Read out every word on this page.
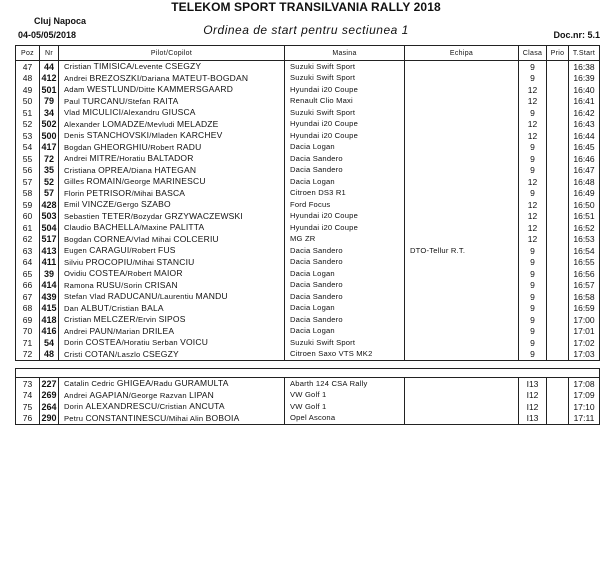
TELEKOM SPORT TRANSILVANIA RALLY 2018
Cluj Napoca
04-05/05/2018	Ordinea de start pentru sectiunea 1	Doc.nr: 5.1
Poz	Nr	Pilot/Copilot	Masina	Echipa	Clasa	Prio	T.Start
47	44	Cristian TIMISICA/Levente CSEGZY	Suzuki Swift Sport		9		16:38
48	412	Andrei BREZOSZKI/Dariana MATEUT-BOGDAN	Suzuki Swift Sport		9		16:39
49	501	Adam WESTLUND/Ditte KAMMERSGAARD	Hyundai i20 Coupe		12		16:40
50	79	Paul TURCANU/Stefan RAITA	Renault Clio Maxi		12		16:41
51	34	Vlad MICULICI/Alexandru GIUSCA	Suzuki Swift Sport		9		16:42
52	502	Alexander LOMADZE/Mevludi MELADZE	Hyundai i20 Coupe		12		16:43
53	500	Denis STANCHOVSKI/Mladen KARCHEV	Hyundai i20 Coupe		12		16:44
54	417	Bogdan GHEORGHIU/Robert RADU	Dacia Logan		9		16:45
55	72	Andrei MITRE/Horatiu BALTADOR	Dacia Sandero		9		16:46
56	35	Cristiana OPREA/Diana HATEGAN	Dacia Sandero		9		16:47
57	52	Gilles ROMAIN/George MARINESCU	Dacia Logan		12		16:48
58	57	Florin PETRISOR/Mihai BASCA	Citroen DS3 R1		9		16:49
59	428	Emil VINCZE/Gergo SZABO	Ford Focus		12		16:50
60	503	Sebastien TETER/Bozydar GRZYWACZEWSKI	Hyundai i20 Coupe		12		16:51
61	504	Claudio BACHELLA/Maxine PALITTA	Hyundai i20 Coupe		12		16:52
62	517	Bogdan CORNEA/Vlad Mihai COLCERIU	MG ZR		12		16:53
63	413	Eugen CARAGUI/Robert FUS	Dacia Sandero	DTO-Tellur R.T.	9		16:54
64	411	Silviu PROCOPIU/Mihai STANCIU	Dacia Sandero		9		16:55
65	39	Ovidiu COSTEA/Robert MAIOR	Dacia Logan		9		16:56
66	414	Ramona RUSU/Sorin CRISAN	Dacia Sandero		9		16:57
67	439	Stefan Vlad RADUCANU/Laurentiu MANDU	Dacia Sandero		9		16:58
68	415	Dan ALBUT/Cristian BALA	Dacia Logan		9		16:59
69	418	Cristian MELCZER/Ervin SIPOS	Dacia Sandero		9		17:00
70	416	Andrei PAUN/Marian DRILEA	Dacia Logan		9		17:01
71	54	Dorin COSTEA/Horatiu Serban VOICU	Suzuki Swift Sport		9		17:02
72	48	Cristi COTAN/Laszlo CSEGZY	Citroen Saxo VTS MK2		9		17:03

73	227	Catalin Cedric GHIGEA/Radu GURAMULTA	Abarth 124 CSA Rally		I13		17:08
74	269	Andrei AGAPIAN/George Razvan LIPAN	VW Golf 1		I12		17:09
75	264	Dorin ALEXANDRESCU/Cristian ANCUTA	VW Golf 1		I12		17:10
76	290	Petru CONSTANTINESCU/Mihai Alin BOBOIA	Opel Ascona		I13		17:11
